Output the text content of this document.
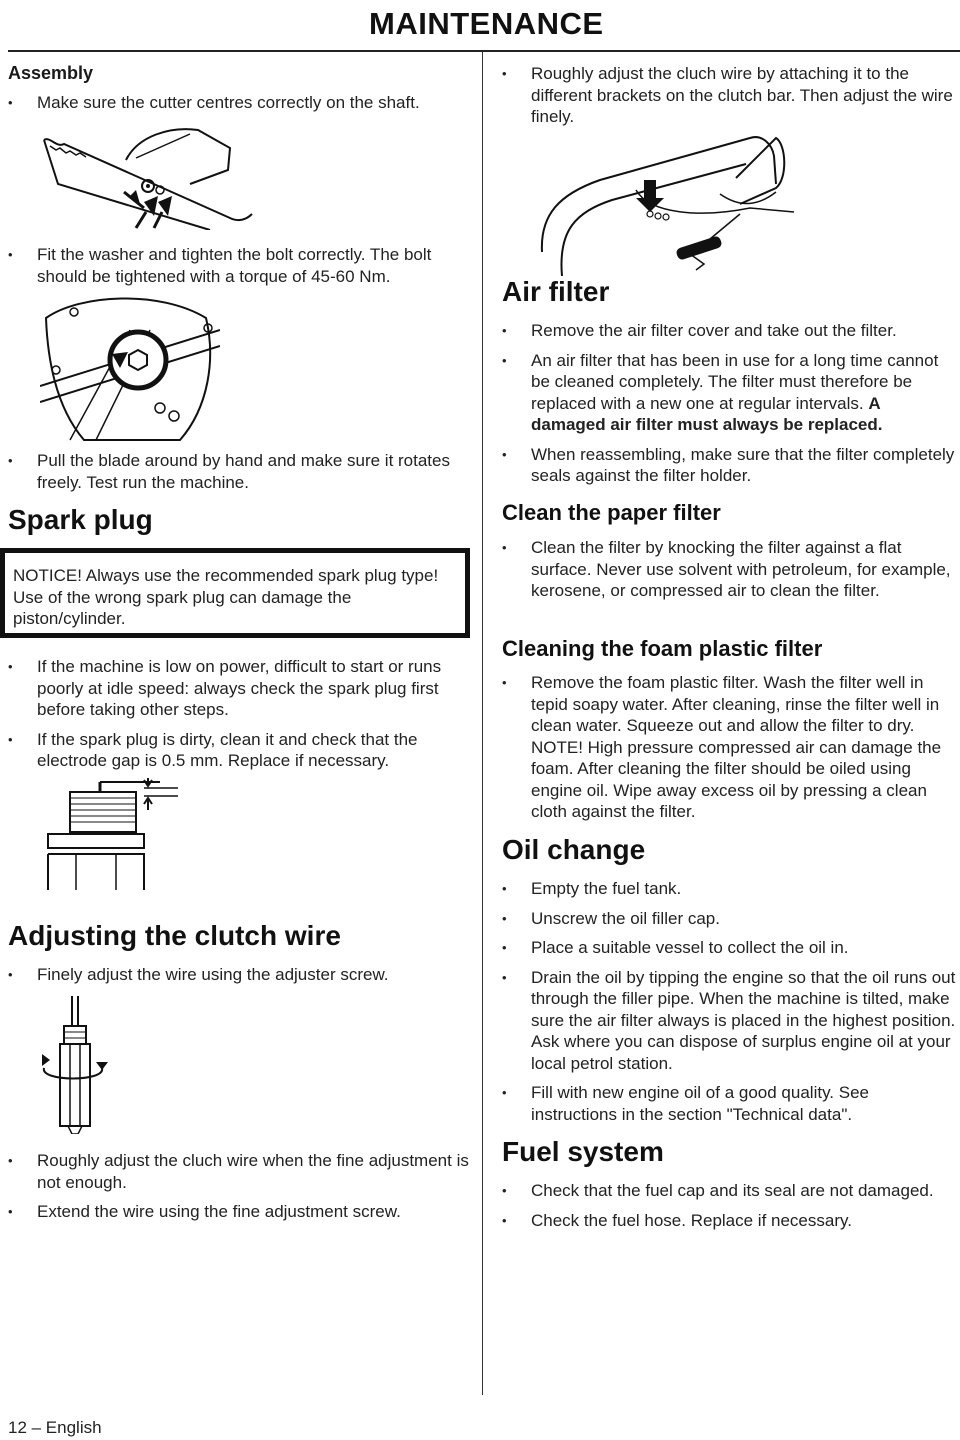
MAINTENANCE

Assembly

• Make sure the cutter centres correctly on the shaft.
• Fit the washer and tighten the bolt correctly. The bolt should be tightened with a torque of 45-60 Nm.
• Pull the blade around by hand and make sure it rotates freely. Test run the machine.
Spark plug
NOTICE! Always use the recommended spark plug type! Use of the wrong spark plug can damage the piston/cylinder.
• If the machine is low on power, difficult to start or runs poorly at idle speed: always check the spark plug first before taking other steps.
• If the spark plug is dirty, clean it and check that the electrode gap is 0.5 mm. Replace if necessary.
Adjusting the clutch wire
• Finely adjust the wire using the adjuster screw.
• Roughly adjust the cluch wire when the fine adjustment is not enough.
• Extend the wire using the fine adjustment screw.
• Roughly adjust the cluch wire by attaching it to the different brackets on the clutch bar. Then adjust the wire finely.
Air filter
• Remove the air filter cover and take out the filter.
• An air filter that has been in use for a long time cannot be cleaned completely. The filter must therefore be replaced with a new one at regular intervals. A damaged air filter must always be replaced.
• When reassembling, make sure that the filter completely seals against the filter holder.
Clean the paper filter
• Clean the filter by knocking the filter against a flat surface. Never use solvent with petroleum, for example, kerosene, or compressed air to clean the filter.
Cleaning the foam plastic filter
• Remove the foam plastic filter. Wash the filter well in tepid soapy water. After cleaning, rinse the filter well in clean water. Squeeze out and allow the filter to dry. NOTE! High pressure compressed air can damage the foam. After cleaning the filter should be oiled using engine oil. Wipe away excess oil by pressing a clean cloth against the filter.
Oil change
• Empty the fuel tank.
• Unscrew the oil filler cap.
• Place a suitable vessel to collect the oil in.
• Drain the oil by tipping the engine so that the oil runs out through the filler pipe. When the machine is tilted, make sure the air filter always is placed in the highest position. Ask where you can dispose of surplus engine oil at your local petrol station.
• Fill with new engine oil of a good quality. See instructions in the section "Technical data".
Fuel system
• Check that the fuel cap and its seal are not damaged.
• Check the fuel hose. Replace if necessary.
12 – English
